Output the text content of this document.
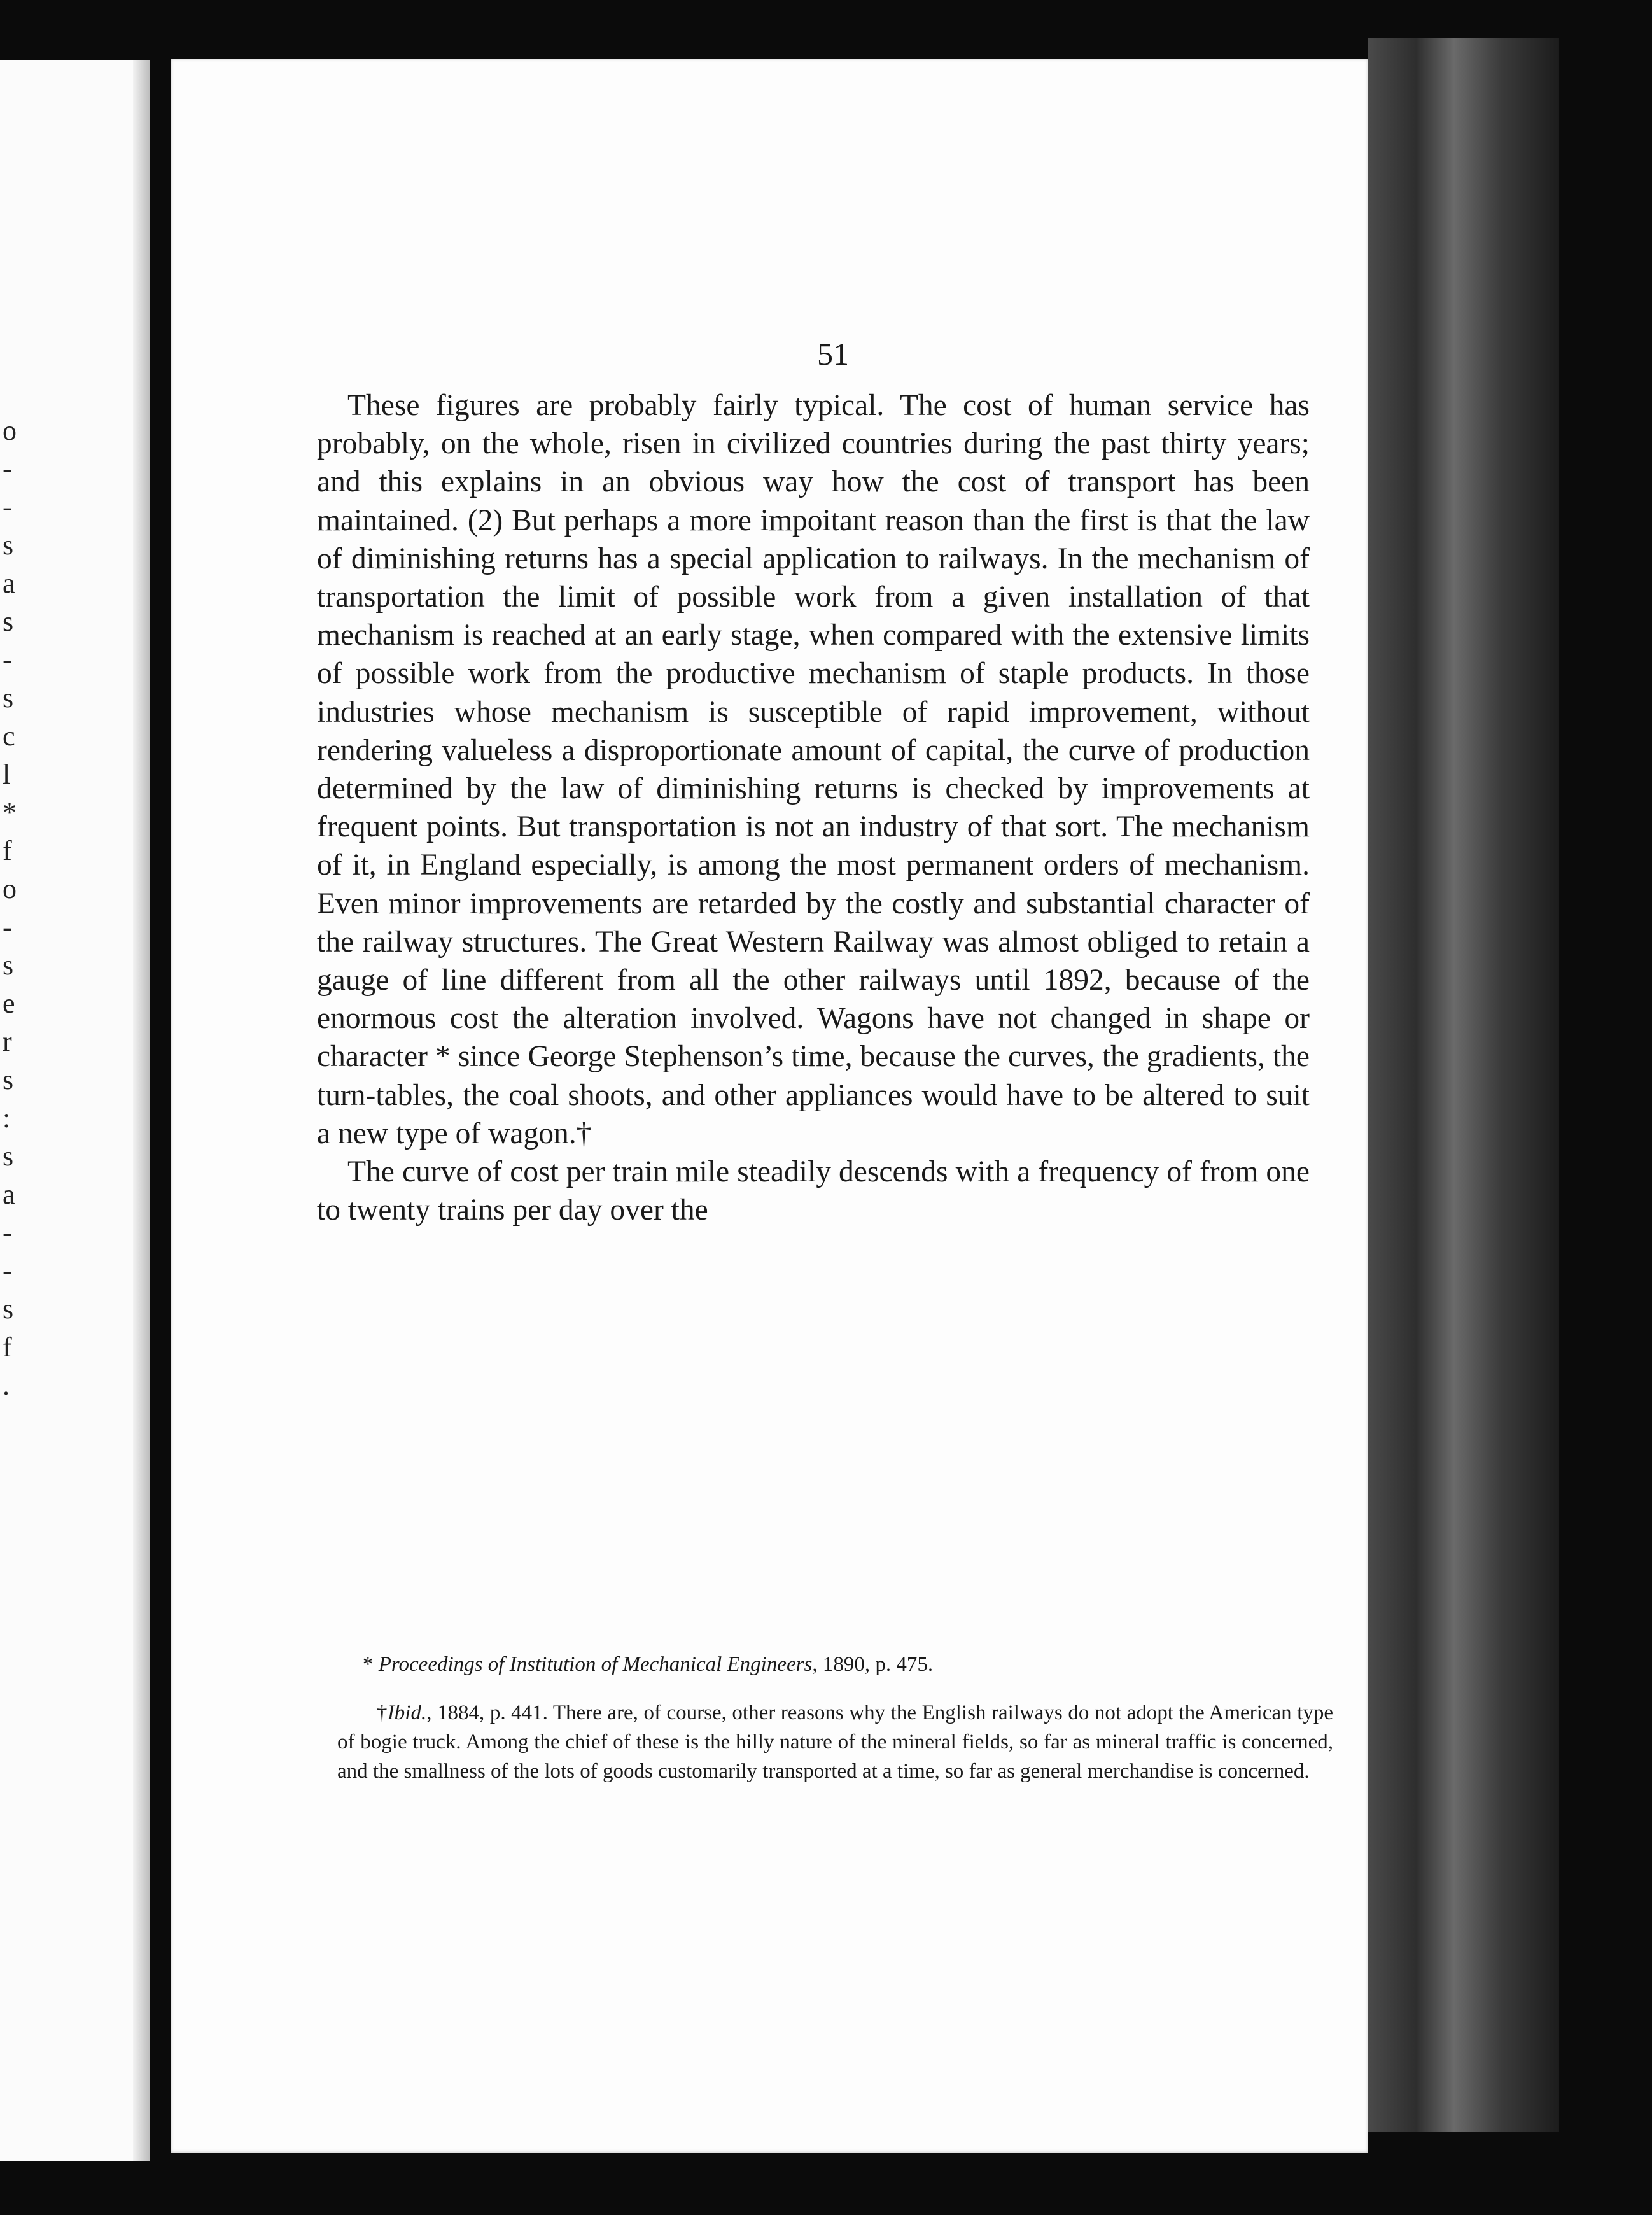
o
-
-
s
a
s
-
s
c
l
*
f
o
-
s
e
r
s
:
s
a
-
-
s
f
.
51

These figures are probably fairly typical. The cost of human service has probably, on the whole, risen in civilized countries during the past thirty years; and this explains in an obvious way how the cost of transport has been maintained. (2) But perhaps a more impoitant reason than the first is that the law of diminishing returns has a special application to railways. In the mechanism of transportation the limit of possible work from a given installation of that mechanism is reached at an early stage, when compared with the extensive limits of possible work from the productive mechanism of staple products. In those industries whose mechanism is susceptible of rapid improvement, without rendering valueless a disproportionate amount of capital, the curve of production determined by the law of diminishing returns is checked by improvements at frequent points. But transportation is not an industry of that sort. The mechanism of it, in England especially, is among the most permanent orders of mechanism. Even minor improvements are retarded by the costly and substantial character of the railway structures. The Great Western Railway was almost obliged to retain a gauge of line different from all the other railways until 1892, because of the enormous cost the alteration involved. Wagons have not changed in shape or character * since George Stephenson’s time, because the curves, the gradients, the turn-tables, the coal shoots, and other appliances would have to be altered to suit a new type of wagon.†

The curve of cost per train mile steadily descends with a frequency of from one to twenty trains per day over the

* Proceedings of Institution of Mechanical Engineers, 1890, p. 475.

†Ibid., 1884, p. 441. There are, of course, other reasons why the English railways do not adopt the American type of bogie truck. Among the chief of these is the hilly nature of the mineral fields, so far as mineral traffic is concerned, and the smallness of the lots of goods customarily transported at a time, so far as general merchandise is concerned.
